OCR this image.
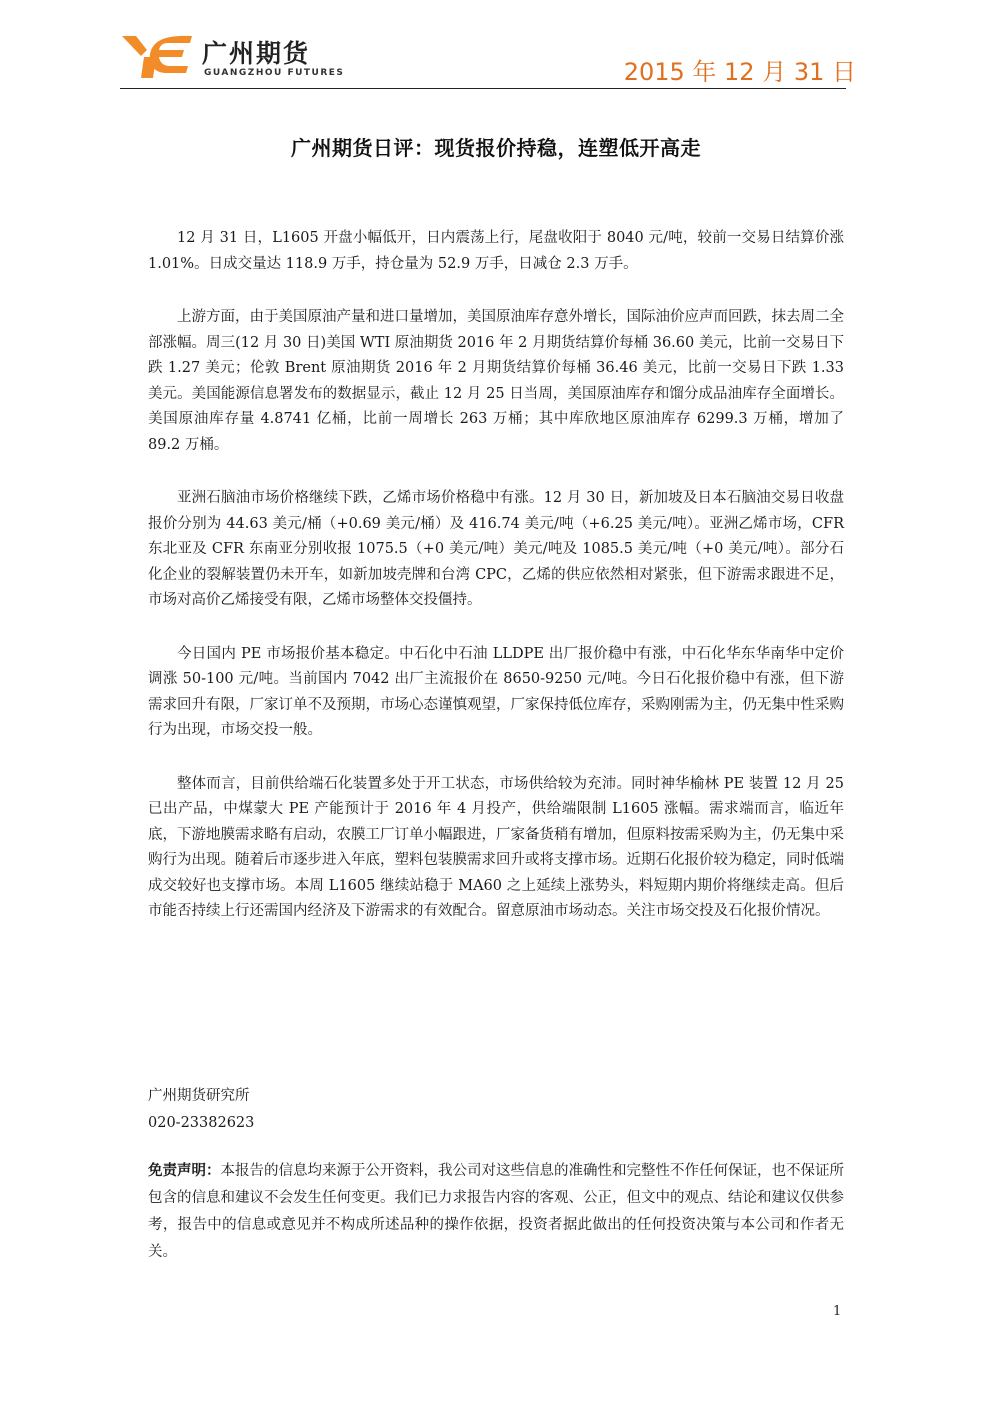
广州期货
GUANGZHOU FUTURES	2015 年 12 月 31 日
广州期货日评：现货报价持稳，连塑低开高走

12 月 31 日，L1605 开盘小幅低开，日内震荡上行，尾盘收阳于 8040 元/吨，较前一交易日结算价涨 1.01%。日成交量达 118.9 万手，持仓量为 52.9 万手，日减仓 2.3 万手。

上游方面，由于美国原油产量和进口量增加，美国原油库存意外增长，国际油价应声而回跌，抹去周二全部涨幅。周三(12 月 30 日)美国 WTI 原油期货 2016 年 2 月期货结算价每桶 36.60 美元，比前一交易日下跌 1.27 美元；伦敦 Brent 原油期货 2016 年 2 月期货结算价每桶 36.46 美元，比前一交易日下跌 1.33 美元。美国能源信息署发布的数据显示，截止 12 月 25 日当周，美国原油库存和馏分成品油库存全面增长。美国原油库存量 4.8741 亿桶，比前一周增长 263 万桶；其中库欣地区原油库存 6299.3 万桶，增加了 89.2 万桶。

亚洲石脑油市场价格继续下跌，乙烯市场价格稳中有涨。12 月 30 日，新加坡及日本石脑油交易日收盘报价分别为 44.63 美元/桶（+0.69 美元/桶）及 416.74 美元/吨（+6.25 美元/吨）。亚洲乙烯市场，CFR 东北亚及 CFR 东南亚分别收报 1075.5（+0 美元/吨）美元/吨及 1085.5 美元/吨（+0 美元/吨）。部分石化企业的裂解装置仍未开车，如新加坡壳牌和台湾 CPC，乙烯的供应依然相对紧张，但下游需求跟进不足，市场对高价乙烯接受有限，乙烯市场整体交投僵持。

今日国内 PE 市场报价基本稳定。中石化中石油 LLDPE 出厂报价稳中有涨，中石化华东华南华中定价调涨 50-100 元/吨。当前国内 7042 出厂主流报价在 8650-9250 元/吨。今日石化报价稳中有涨，但下游需求回升有限，厂家订单不及预期，市场心态谨慎观望，厂家保持低位库存，采购刚需为主，仍无集中性采购行为出现，市场交投一般。

整体而言，目前供给端石化装置多处于开工状态，市场供给较为充沛。同时神华榆林 PE 装置 12 月 25 已出产品，中煤蒙大 PE 产能预计于 2016 年 4 月投产，供给端限制 L1605 涨幅。需求端而言，临近年底，下游地膜需求略有启动，农膜工厂订单小幅跟进，厂家备货稍有增加，但原料按需采购为主，仍无集中采购行为出现。随着后市逐步进入年底，塑料包装膜需求回升或将支撑市场。近期石化报价较为稳定，同时低端成交较好也支撑市场。本周 L1605 继续站稳于 MA60 之上延续上涨势头，料短期内期价将继续走高。但后市能否持续上行还需国内经济及下游需求的有效配合。留意原油市场动态。关注市场交投及石化报价情况。

广州期货研究所
020-23382623
免责声明：本报告的信息均来源于公开资料，我公司对这些信息的准确性和完整性不作任何保证，也不保证所包含的信息和建议不会发生任何变更。我们已力求报告内容的客观、公正，但文中的观点、结论和建议仅供参考，报告中的信息或意见并不构成所述品种的操作依据，投资者据此做出的任何投资决策与本公司和作者无关。
1
